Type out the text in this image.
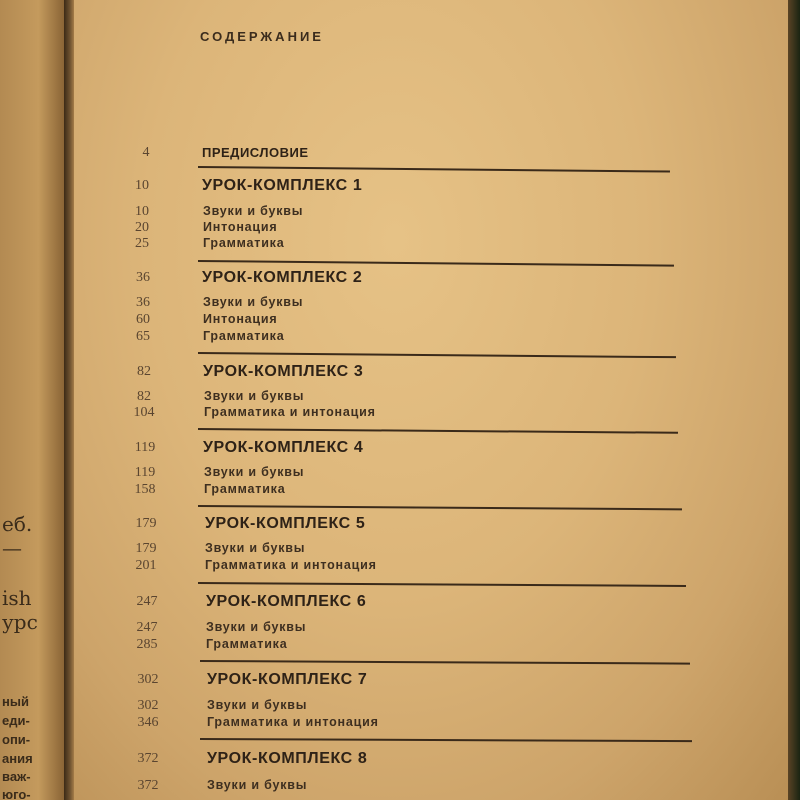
еб.
—
ish
урс
ный
еди-
опи-
ания
важ-
юго-
СОДЕРЖАНИЕ
4	ПРЕДИСЛОВИЕ
10	УРОК-КОМПЛЕКС 1
10	Звуки и буквы
20	Интонация
25	Грамматика
36	УРОК-КОМПЛЕКС 2
36	Звуки и буквы
60	Интонация
65	Грамматика
82	УРОК-КОМПЛЕКС 3
82	Звуки и буквы
104	Грамматика и интонация
119	УРОК-КОМПЛЕКС 4
119	Звуки и буквы
158	Грамматика
179	УРОК-КОМПЛЕКС 5
179	Звуки и буквы
201	Грамматика и интонация
247	УРОК-КОМПЛЕКС 6
247	Звуки и буквы
285	Грамматика
302	УРОК-КОМПЛЕКС 7
302	Звуки и буквы
346	Грамматика и интонация
372	УРОК-КОМПЛЕКС 8
372	Звуки и буквы
